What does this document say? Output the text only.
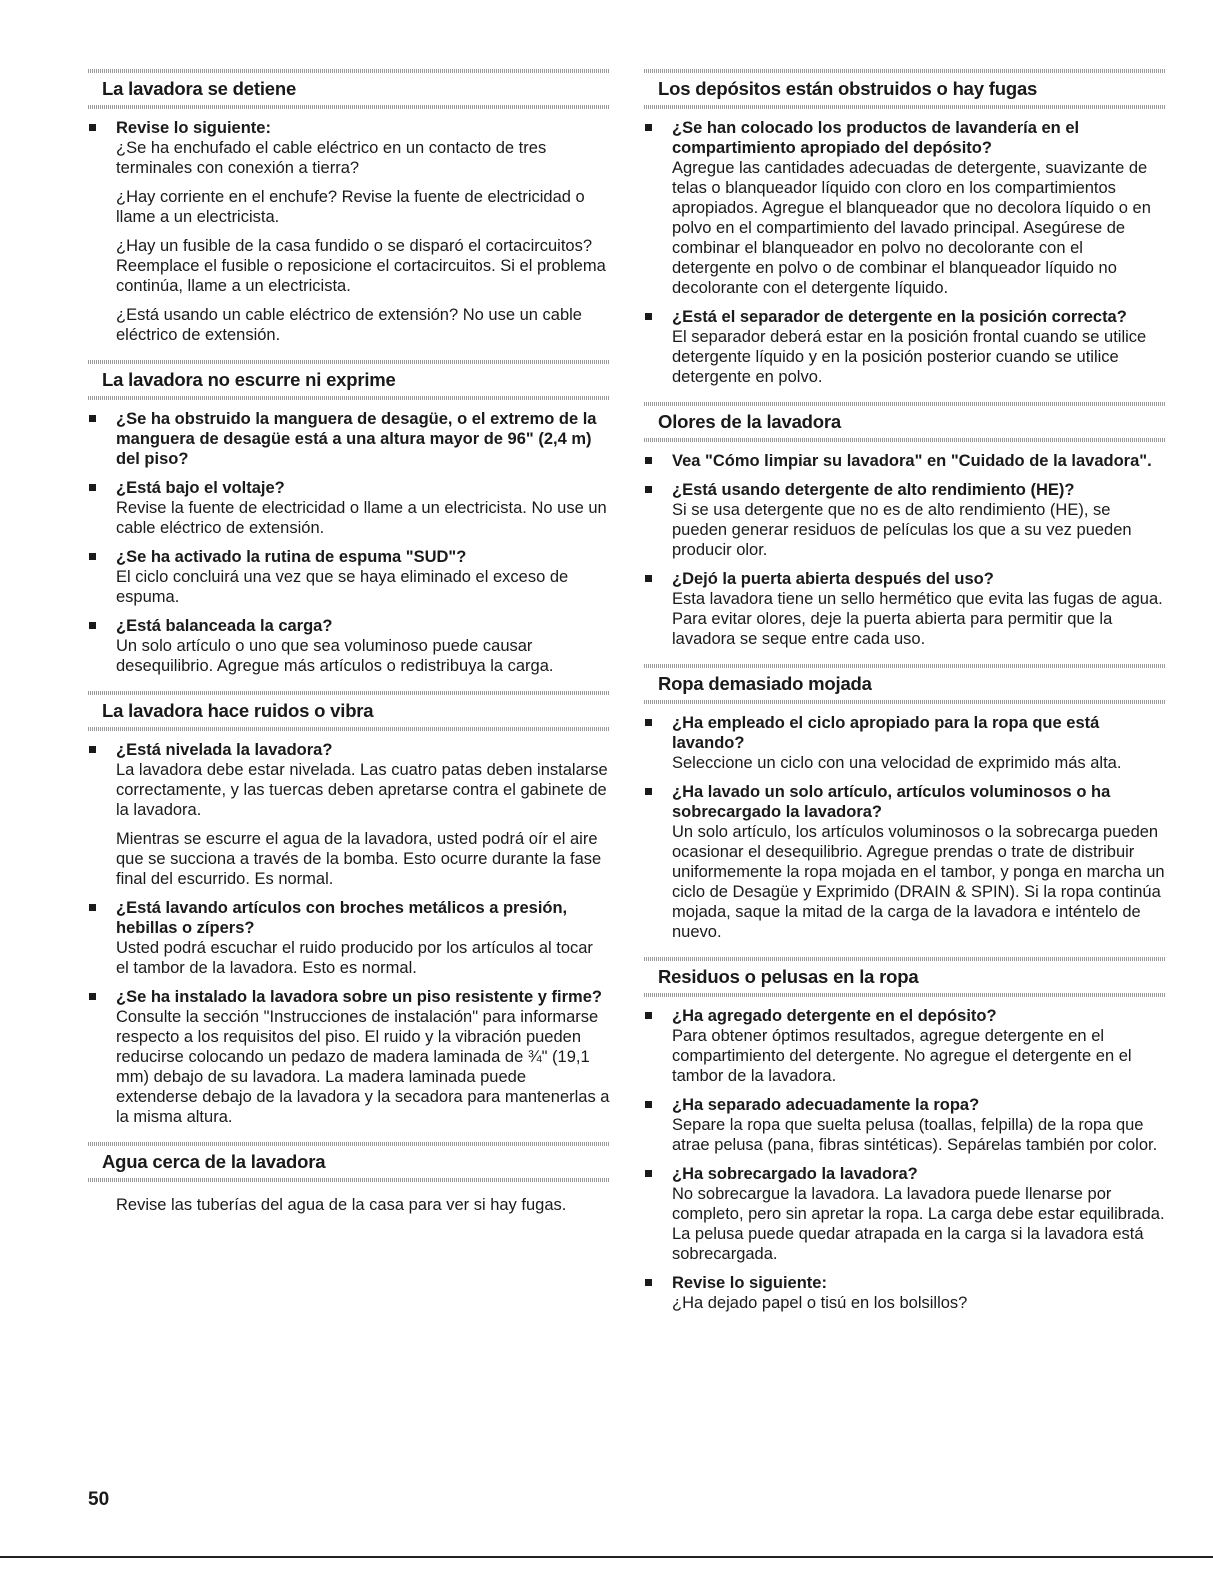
La lavadora se detiene
Revise lo siguiente:
¿Se ha enchufado el cable eléctrico en un contacto de tres terminales con conexión a tierra?
¿Hay corriente en el enchufe? Revise la fuente de electricidad o llame a un electricista.
¿Hay un fusible de la casa fundido o se disparó el cortacircuitos? Reemplace el fusible o reposicione el cortacircuitos. Si el problema continúa, llame a un electricista.
¿Está usando un cable eléctrico de extensión? No use un cable eléctrico de extensión.
La lavadora no escurre ni exprime
¿Se ha obstruido la manguera de desagüe, o el extremo de la manguera de desagüe está a una altura mayor de 96" (2,4 m) del piso?
¿Está bajo el voltaje?
Revise la fuente de electricidad o llame a un electricista. No use un cable eléctrico de extensión.
¿Se ha activado la rutina de espuma "SUD"?
El ciclo concluirá una vez que se haya eliminado el exceso de espuma.
¿Está balanceada la carga?
Un solo artículo o uno que sea voluminoso puede causar desequilibrio. Agregue más artículos o redistribuya la carga.
La lavadora hace ruidos o vibra
¿Está nivelada la lavadora?
La lavadora debe estar nivelada. Las cuatro patas deben instalarse correctamente, y las tuercas deben apretarse contra el gabinete de la lavadora.
Mientras se escurre el agua de la lavadora, usted podrá oír el aire que se succiona a través de la bomba. Esto ocurre durante la fase final del escurrido. Es normal.
¿Está lavando artículos con broches metálicos a presión, hebillas o zípers?
Usted podrá escuchar el ruido producido por los artículos al tocar el tambor de la lavadora. Esto es normal.
¿Se ha instalado la lavadora sobre un piso resistente y firme?
Consulte la sección "Instrucciones de instalación" para informarse respecto a los requisitos del piso. El ruido y la vibración pueden reducirse colocando un pedazo de madera laminada de ¾" (19,1 mm) debajo de su lavadora. La madera laminada puede extenderse debajo de la lavadora y la secadora para mantenerlas a la misma altura.
Agua cerca de la lavadora
Revise las tuberías del agua de la casa para ver si hay fugas.
Los depósitos están obstruidos o hay fugas
¿Se han colocado los productos de lavandería en el compartimiento apropiado del depósito?
Agregue las cantidades adecuadas de detergente, suavizante de telas o blanqueador líquido con cloro en los compartimientos apropiados. Agregue el blanqueador que no decolora líquido o en polvo en el compartimiento del lavado principal. Asegúrese de combinar el blanqueador en polvo no decolorante con el detergente en polvo o de combinar el blanqueador líquido no decolorante con el detergente líquido.
¿Está el separador de detergente en la posición correcta?
El separador deberá estar en la posición frontal cuando se utilice detergente líquido y en la posición posterior cuando se utilice detergente en polvo.
Olores de la lavadora
Vea "Cómo limpiar su lavadora" en "Cuidado de la lavadora".
¿Está usando detergente de alto rendimiento (HE)?
Si se usa detergente que no es de alto rendimiento (HE), se pueden generar residuos de películas los que a su vez pueden producir olor.
¿Dejó la puerta abierta después del uso?
Esta lavadora tiene un sello hermético que evita las fugas de agua. Para evitar olores, deje la puerta abierta para permitir que la lavadora se seque entre cada uso.
Ropa demasiado mojada
¿Ha empleado el ciclo apropiado para la ropa que está lavando?
Seleccione un ciclo con una velocidad de exprimido más alta.
¿Ha lavado un solo artículo, artículos voluminosos o ha sobrecargado la lavadora?
Un solo artículo, los artículos voluminosos o la sobrecarga pueden ocasionar el desequilibrio. Agregue prendas o trate de distribuir uniformemente la ropa mojada en el tambor, y ponga en marcha un ciclo de Desagüe y Exprimido (DRAIN & SPIN). Si la ropa continúa mojada, saque la mitad de la carga de la lavadora e inténtelo de nuevo.
Residuos o pelusas en la ropa
¿Ha agregado detergente en el depósito?
Para obtener óptimos resultados, agregue detergente en el compartimiento del detergente. No agregue el detergente en el tambor de la lavadora.
¿Ha separado adecuadamente la ropa?
Separe la ropa que suelta pelusa (toallas, felpilla) de la ropa que atrae pelusa (pana, fibras sintéticas). Sepárelas también por color.
¿Ha sobrecargado la lavadora?
No sobrecargue la lavadora. La lavadora puede llenarse por completo, pero sin apretar la ropa. La carga debe estar equilibrada. La pelusa puede quedar atrapada en la carga si la lavadora está sobrecargada.
Revise lo siguiente:
¿Ha dejado papel o tisú en los bolsillos?
50
